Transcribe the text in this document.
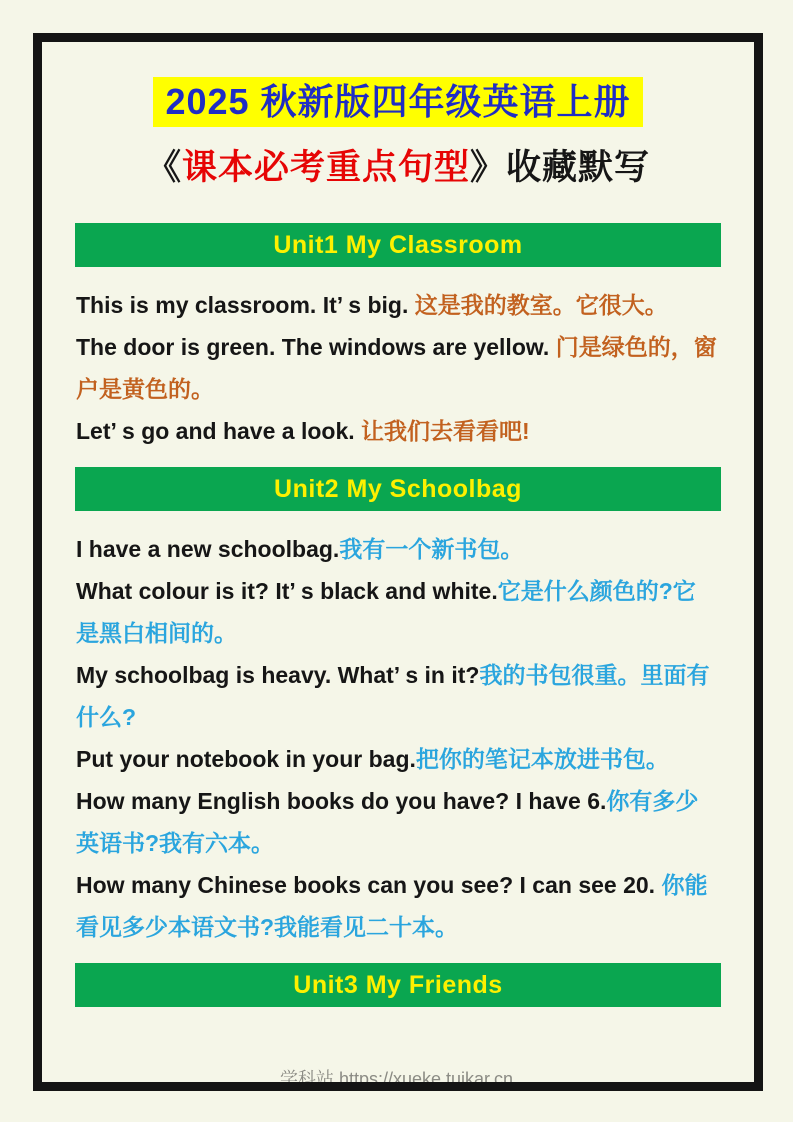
2025 秋新版四年级英语上册
《课本必考重点句型》收藏默写
Unit1 My Classroom

This is my classroom. It’ s big. 这是我的教室。它很大。

The door is green. The windows are yellow. 门是绿色的，窗户是黄色的。

Let’ s go and have a look. 让我们去看看吧!

Unit2 My Schoolbag

I have a new schoolbag.我有一个新书包。

What colour is it? It’ s black and white.它是什么颜色的?它是黑白相间的。

My schoolbag is heavy. What’ s in it?我的书包很重。里面有什么?

Put your notebook in your bag.把你的笔记本放进书包。

How many English books do you have? I have 6.你有多少英语书?我有六本。

How many Chinese books can you see? I can see 20. 你能看见多少本语文书?我能看见二十本。

Unit3 My Friends
学科站 https://xueke.tuikar.cn
